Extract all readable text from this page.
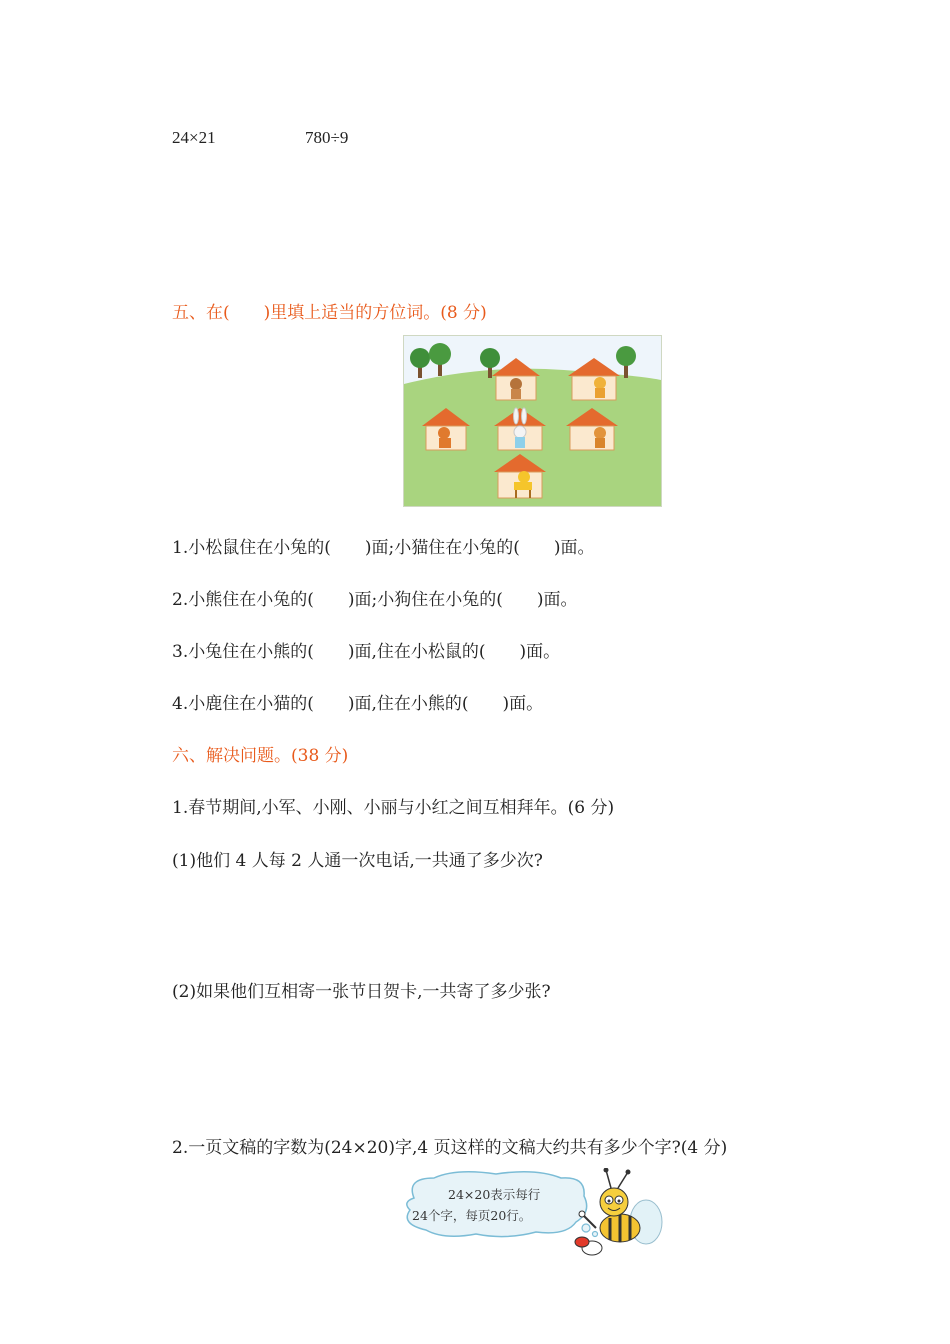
24×21	780÷9
五、在(　　)里填上适当的方位词。(8 分)
1.小松鼠住在小兔的(　　)面;小猫住在小兔的(　　)面。
2.小熊住在小兔的(　　)面;小狗住在小兔的(　　)面。
3.小兔住在小熊的(　　)面,住在小松鼠的(　　)面。
4.小鹿住在小猫的(　　)面,住在小熊的(　　)面。
六、解决问题。(38 分)
1.春节期间,小军、小刚、小丽与小红之间互相拜年。(6 分)
(1)他们 4 人每 2 人通一次电话,一共通了多少次?
(2)如果他们互相寄一张节日贺卡,一共寄了多少张?
2.一页文稿的字数为(24×20)字,4 页这样的文稿大约共有多少个字?(4 分)
24×20表示每行
24个字，每页20行。
